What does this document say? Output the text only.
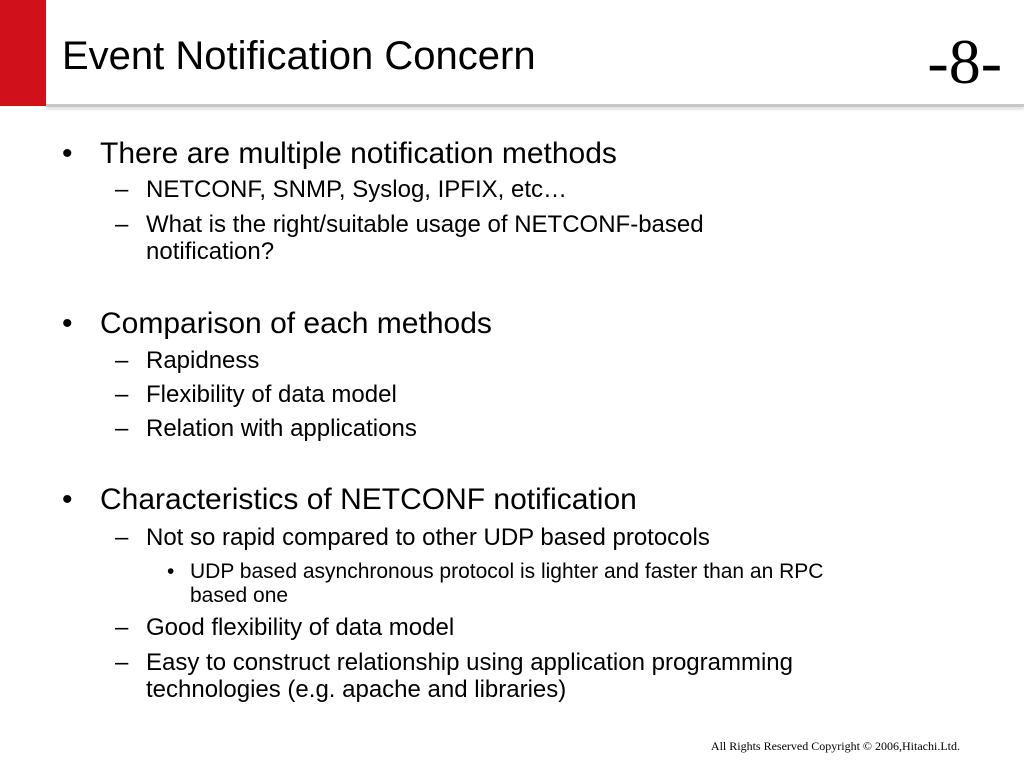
Event Notification Concern	-8-
• There are multiple notification methods
– NETCONF, SNMP, Syslog, IPFIX, etc…
– What is the right/suitable usage of NETCONF-based
notification?
• Comparison of each methods
– Rapidness
– Flexibility of data model
– Relation with applications
• Characteristics of NETCONF notification
– Not so rapid compared to other UDP based protocols
• UDP based asynchronous protocol is lighter and faster than an RPC
based one
– Good flexibility of data model
– Easy to construct relationship using application programming
technologies (e.g. apache and libraries)
All Rights Reserved Copyright © 2006,Hitachi.Ltd.
